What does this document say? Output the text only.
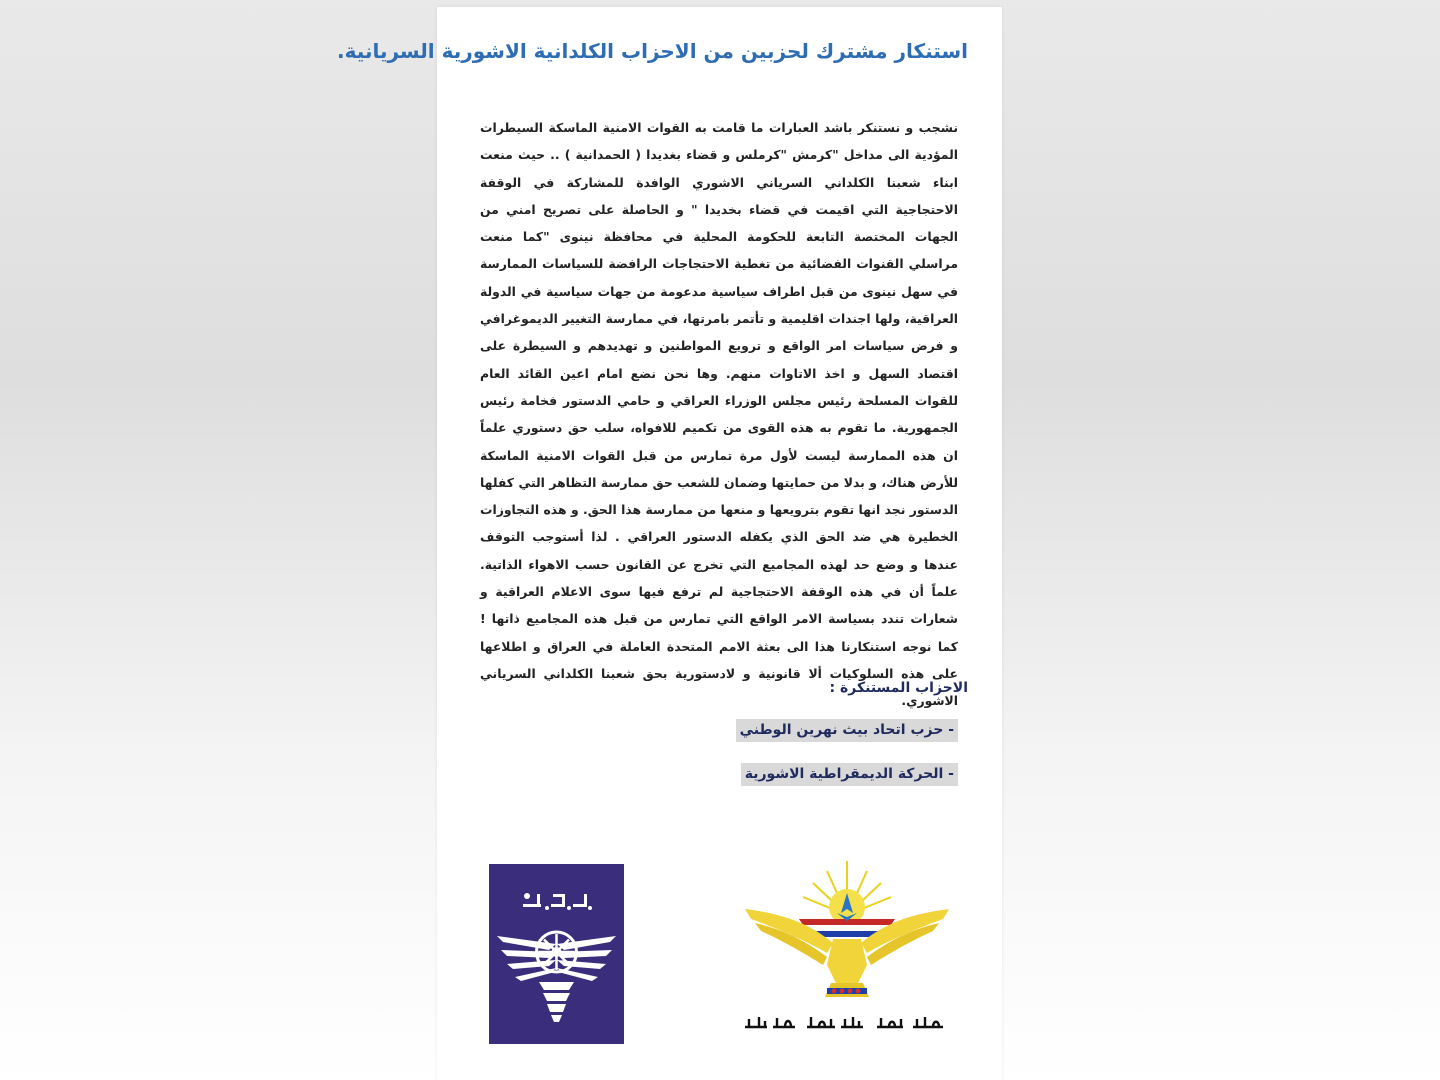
استنكار مشترك لحزبين من الاحزاب الكلدانية الاشورية السريانية.
نشجب و نستنكر باشد العبارات ما قامت به القوات الامنية الماسكة السيطرات المؤدية الى مداخل "كرمش "كرملس و قضاء بغديدا ( الحمدانية ) .. حيث منعت ابناء شعبنا الكلداني السرياني الاشوري الوافدة للمشاركة في الوقفة الاحتجاجية التي اقيمت في قضاء بخديدا " و الحاصلة على تصريح امني من الجهات المختصة التابعة للحكومة المحلية في محافظة نينوى "كما منعت مراسلي القنوات الفضائية من تغطية الاحتجاجات الرافضة للسياسات الممارسة في سهل نينوى من قبل اطراف سياسية مدعومة من جهات سياسية في الدولة العراقية، ولها اجندات اقليمية و تأتمر بامرتها، في ممارسة التغيير الديموغرافي و فرض سياسات امر الواقع و ترويع المواطنين و تهديدهم و السيطرة على اقتصاد السهل و اخذ الاتاوات منهم. وها نحن نضع امام اعين القائد العام للقوات المسلحة رئيس مجلس الوزراء العراقي و حامي الدستور فخامة رئيس الجمهورية. ما تقوم به هذه القوى من تكميم للافواه، سلب حق دستوري علماً ان هذه الممارسة ليست لأول مرة تمارس من قبل القوات الامنية الماسكة للأرض هناك، و بدلا من حمايتها وضمان للشعب حق ممارسة التظاهر التي كفلها الدستور نجد انها تقوم بترويعها و منعها من ممارسة هذا الحق. و هذه التجاوزات الخطيرة هي ضد الحق الذي يكفله الدستور العراقي . لذا أستوجب التوقف عندها و وضع حد لهذه المجاميع التي تخرج عن القانون حسب الاهواء الذاتية. علماً أن في هذه الوقفة الاحتجاجية لم ترفع فيها سوى الاعلام العراقية و شعارات تندد بسياسة الامر الواقع التي تمارس من قبل هذه المجاميع ذاتها ! كما نوجه استنكارنا هذا الى بعثة الامم المتحدة العاملة في العراق و اطلاعها على هذه السلوكيات ألا قانونية و لادستورية بحق شعبنا الكلداني السرياني الاشوري.
الاحزاب المستنكرة :
- حزب اتحاد بيث نهرين الوطني
- الحركة الديمقراطية الاشورية
